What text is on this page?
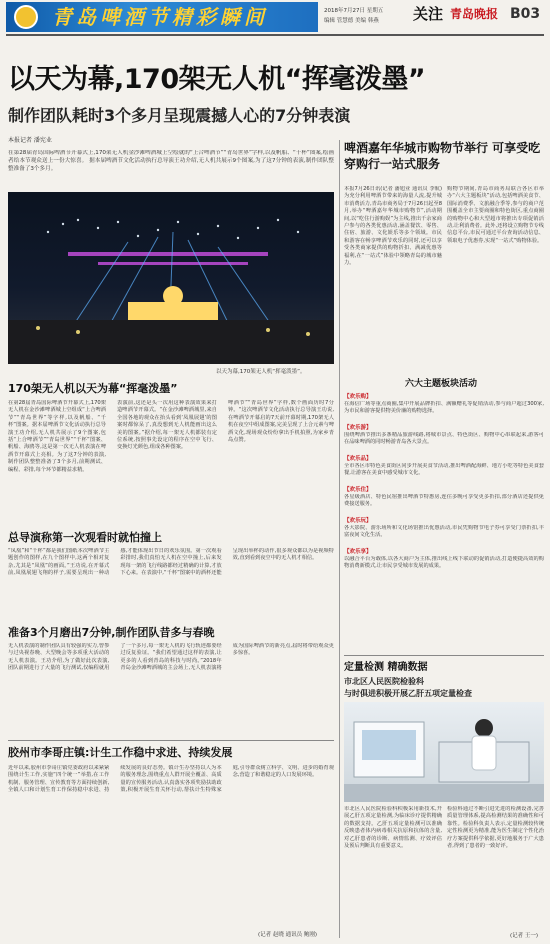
青岛啤酒节精彩瞬间	2018年7月27日 星期五
编辑 管慧德 美编 韩燕 关注 青岛晚报 B03
以天为幕,170架无人机“挥毫泼墨”
制作团队耗时3个多月呈现震撼人心的7分钟表演
本报记者 潘宪业
在第28届青岛国际啤酒节开幕式上,170架无人机金沙滩啤酒城上空绘就的“上合啤酒节”“青岛世界”字样,以及帆船、“千杯”图案,绘画者给本节观众送上一份大惊喜。 据本届啤酒节文化活动执行总导演王功介绍,无人机共展示9个图案,为了这7分钟的表演,制作团队整整准备了3个多月。
以天为幕,170架无人机“挥毫泼墨”。
170架无人机以天为幕“挥毫泼墨”
在第28届青岛国际啤酒节开幕式上,170架无人机在金沙滩啤酒城上空组成“上合啤酒节”“青岛世界”等字样,以及帆船、“千杯”图案。据本届啤酒节文化活动执行总导演王功介绍,无人机共展示了9个图案,包括“上合啤酒节”“青岛世界”“千杯”图案、帆船、海鸥等,这是第一次无人机表演在啤酒节开幕式上亮相。为了这7分钟的表演,制作团队整整准备了3个多月,前期测试、编程、彩排,每个环节都精益求精。
表演前,这还是头一次用这种表演效果来打造啤酒节开幕式。“在金沙滩啤酒城里,来自全国各地的观众在抬头看到‘凤凰展翅’的图案时都惊呆了,真没想到无人机能画出这么美的图案。”据介绍,每一架无人机都装有定位系统,按照事先设定的程序在空中飞行、变换灯光颜色,组成各种图案。
啤酒节”“青岛世界”字样,数个画面历时7分钟。“这次啤酒节文化活动执行总导演王功说,在啤酒节开幕启的7天前开幕时期,170架无人机在夜空中组成图案,完美呈现了上合元素与啤酒文化,现场观众纷纷拿出手机拍照,为家乡青岛点赞。
总导演称第一次观看时就怕撞上
“凤凰”和“千杯”都是我们图纸本次啤酒节主题创作的图样,在九个图样中,这两个相对复杂,尤其是“凤凰”的画面。”王功说,在开幕式前,凤凰展翅飞翔的样子,需要呈现出一种动感,才能体现出节日的欢乐氛围。第一次观看彩排时,我们真怕无人机在空中撞上,后来发现每一架的飞行线路都经过精确的计算,才放下心来。在表演中,“千杯”图案中的酒杯还能呈现出举杯的动作,很多观众都以为是视频特效,直到看到夜空中的无人机才相信。
准备3个月磨出7分钟,制作团队昔多与春晚
无人机表演的制作团队具有较强的实力,曾参与过央视春晚、大型晚会等多项重大活动的无人机表演。王功介绍,为了做好此次表演,团队前期进行了大量的飞行测试,仅编程就用了一个多月,每一架无人机的飞行轨迹都要经过反复验证。“我们希望通过这样的表演,让更多的人看到青岛的科技与时尚。”2018年青岛金沙滩啤酒城的主会场上,无人机表演将成为国际啤酒节的新亮点,届时将带给观众更多惊喜。
胶州市李哥庄镇:计生工作稳中求进、持续发展
近年以来,胶州市李哥庄镇党委政府以来紧紧围绕计生工作,实施“四个统一”举措,在工作机制、服务管理、宣传教育等方面持续创新,全镇人口和计划生育工作保持稳中求进、持续发展的良好态势。镇计生办坚持以人为本的服务理念,围绕重点人群开展全覆盖、高质量的宣传服务活动,认真落实各项奖励扶助政策,积极开展生育关怀行动,帮扶计生特殊家庭,引导群众树立科学、文明、进步的婚育观念,营造了和谐稳定的人口发展环境。
(记者 赵晓 通讯员 鲍刚)
啤酒嘉年华城市购物节举行 可享受吃穿购行一站式服务
本报7月26日讯(记者 潘旭业 通讯员 李航)为充分利用啤酒节带来的海量人流,提升城市消费活力,青岛市商务局于7月26日起至8月,举办“啤酒嘉年华城市购物节”,活动期间,以“吃住行游购娱”为主线,推出千余家商户参与的各类优惠活动,涵盖餐饮、零售、住宿、旅游、文化娱乐等多个领域。市民和游客在畅享啤酒节欢乐的同时,还可以享受各类商家提供的购物折扣、满减优惠等福利,在“一站式”体验中领略青岛的城市魅力。
购物节期间,青岛市商务局联合各区市举办“六大主题板块”活动,包括啤酒美食节、国际消费季、文旅融合季等,参与的商户范围覆盖全市主要商圈和特色街区,重点商圈的购物中心和大型超市将推出专项促销活动,让利消费者。此外,还将设立购物节专线信息平台,市民可通过平台查询活动信息、领取电子优惠券,实现“一站式”购物体验。
六大主题板块活动
【欢乐购】
在海信广场等重点商圈,集中开展品牌折扣、满额赠礼等促销活动,参与商户超过300家,为市民和游客提供物美价廉的购物选择。
【欢乐游】
围绕啤酒节推出多条精品旅游线路,将城市景点、特色街区、购物中心串联起来,游客可在品味啤酒的同时畅游青岛各大景点。
【欢乐品】
全市各区市特色美食街区同步开展美食节活动,推出啤酒配海鲜、地方小吃等特色美食套餐,让游客在美食中感受城市文化。
【欢乐住】
各星级酒店、特色民宿推出啤酒节特惠房,连住多晚可享受更多折扣,部分酒店还提供免费接送服务。
【欢乐玩】
各大影院、游乐场所和文化场馆推出优惠活动,市民凭购物节电子券可享受门票折扣,丰富夜间文化生活。
【欢乐享】
以融合平台为载体,以各大商户为主体,推出线上线下联动的促销活动,打造便捷高效的购物消费新模式,让市民享受城市发展的成果。
定量检测 精确数据
市北区人民医院检验科
与时俱进积极开展乙肝五项定量检查
市北区人民医院检验科积极采用新技术,开展乙肝五项定量检测,为临床诊疗提供精确的数据支持。乙肝五项定量检测可以准确反映患者体内病毒相关抗原和抗体的含量,对乙肝患者的诊断、病情监测、疗效评估及预后判断具有重要意义。
检验科通过不断引进先进的检测设备,完善质量管理体系,提高检测结果的准确性和可靠性。检验科负责人表示,定量检测较传统定性检测更为精准,能为医生制定个性化治疗方案提供科学依据,更好地服务于广大患者,得到了患者的一致好评。
(记者 王一)
